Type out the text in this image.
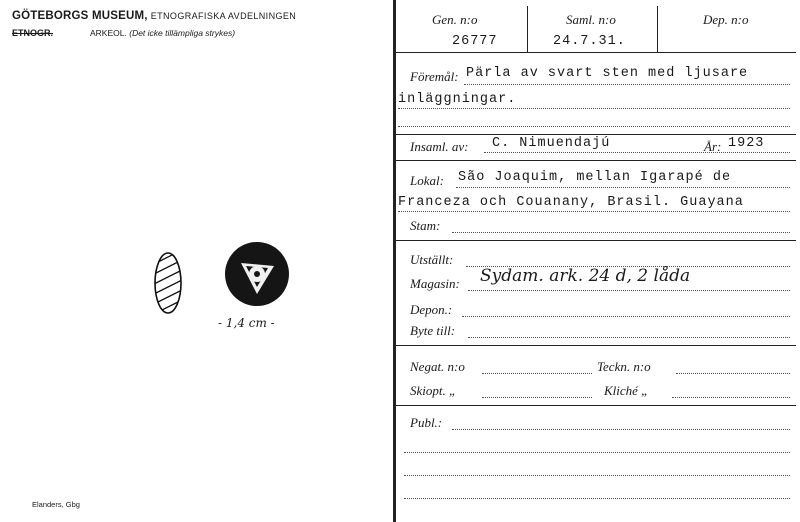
GÖTEBORGS MUSEUM, ETNOGRAFISKA AVDELNINGEN
ETNOGR.	ARKEOL. (Det icke tillämpliga strykes)
- 1,4 cm -
Elanders, Gbg
Gen. n:o
26777
Saml. n:o
24.7.31.
Dep. n:o
Föremål: Pärla av svart sten med ljusare
inläggningar.
Insaml. av: C. Nimuendajú	År: 1923
Lokal: São Joaquim, mellan Igarapé de
Franceza och Couanany, Brasil. Guayana
Stam:
Utställt:
Magasin: Sydam. ark. 24 d, 2 låda
Depon.:
Byte till:
Negat. n:o	Teckn. n:o
Skiopt. „	Kliché „
Publ.:
